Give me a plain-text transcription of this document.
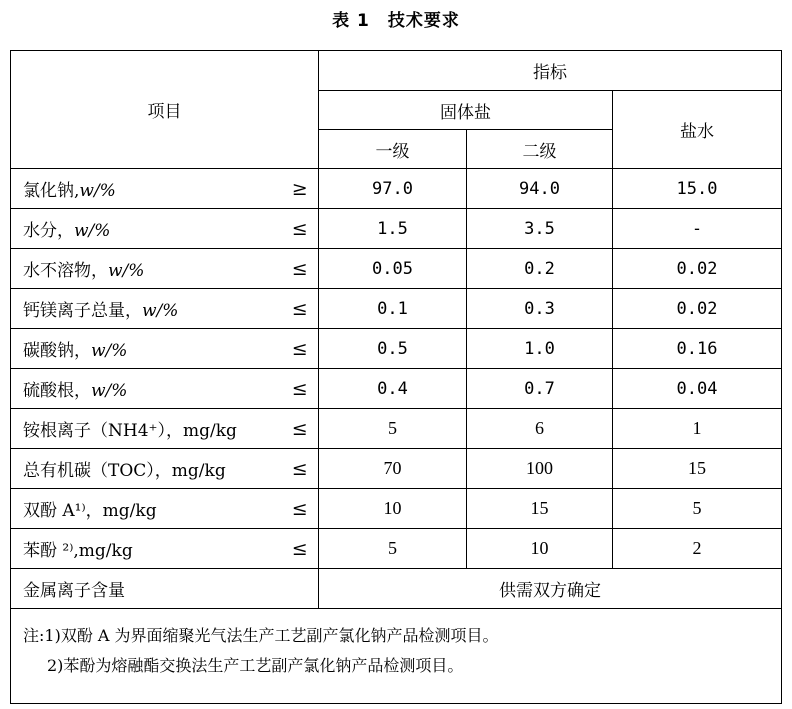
表 1 技术要求
项目		指标		
		固体盐		盐水
		一级	二级	
氯化钠,w/%	≥	97.0	94.0	15.0
水分，w/%	≤	1.5	3.5	-
水不溶物，w/%	≤	0.05	0.2	0.02
钙镁离子总量，w/%	≤	0.1	0.3	0.02
碳酸钠，w/%	≤	0.5	1.0	0.16
硫酸根，w/%	≤	0.4	0.7	0.04
铵根离子（NH4⁺），mg/kg	≤	5	6	1
总有机碳（TOC），mg/kg	≤	70	100	15
双酚 A¹⁾，mg/kg	≤	10	15	5
苯酚 ²⁾,mg/kg	≤	5	10	2
金属离子含量		供需双方确定		

注:1)双酚 A 为界面缩聚光气法生产工艺副产氯化钠产品检测项目。
2)苯酚为熔融酯交换法生产工艺副产氯化钠产品检测项目。				
